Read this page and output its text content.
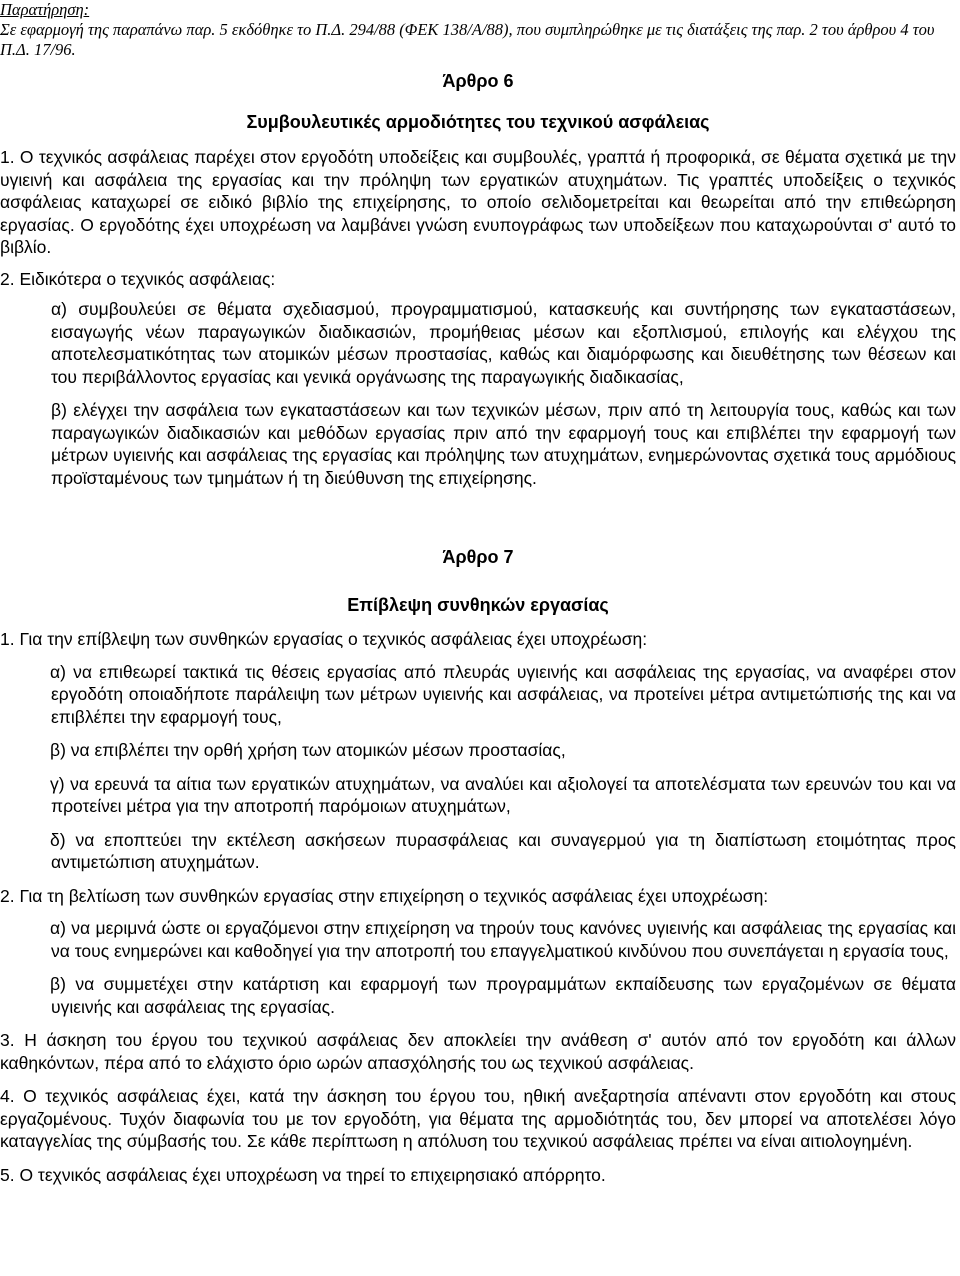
Παρατήρηση:
Σε εφαρμογή της παραπάνω παρ. 5 εκδόθηκε το Π.Δ. 294/88 (ΦΕΚ 138/Α/88), που συμπληρώθηκε με τις διατάξεις της παρ. 2 του άρθρου 4 του Π.Δ. 17/96.

Άρθρο 6

Συμβουλευτικές αρμοδιότητες του τεχνικού ασφάλειας

1. Ο τεχνικός ασφάλειας παρέχει στον εργοδότη υποδείξεις και συμβουλές, γραπτά ή προφορικά, σε θέματα σχετικά με την υγιεινή και ασφάλεια της εργασίας και την πρόληψη των εργατικών ατυχημάτων. Τις γραπτές υποδείξεις ο τεχνικός ασφάλειας καταχωρεί σε ειδικό βιβλίο της επιχείρησης, το οποίο σελιδομετρείται και θεωρείται από την επιθεώρηση εργασίας. Ο εργοδότης έχει υποχρέωση να λαμβάνει γνώση ενυπογράφως των υποδείξεων που καταχωρούνται σ' αυτό το βιβλίο.

2. Ειδικότερα ο τεχνικός ασφάλειας:

α) συμβουλεύει σε θέματα σχεδιασμού, προγραμματισμού, κατασκευής και συντήρησης των εγκαταστάσεων, εισαγωγής νέων παραγωγικών διαδικασιών, προμήθειας μέσων και εξοπλισμού, επιλογής και ελέγχου της αποτελεσματικότητας των ατομικών μέσων προστασίας, καθώς και διαμόρφωσης και διευθέτησης των θέσεων και του περιβάλλοντος εργασίας και γενικά οργάνωσης της παραγωγικής διαδικασίας,

β) ελέγχει την ασφάλεια των εγκαταστάσεων και των τεχνικών μέσων, πριν από τη λειτουργία τους, καθώς και των παραγωγικών διαδικασιών και μεθόδων εργασίας πριν από την εφαρμογή τους και επιβλέπει την εφαρμογή των μέτρων υγιεινής και ασφάλειας της εργασίας και πρόληψης των ατυχημάτων, ενημερώνοντας σχετικά τους αρμόδιους προϊσταμένους των τμημάτων ή τη διεύθυνση της επιχείρησης.

Άρθρο 7

Επίβλεψη συνθηκών εργασίας

1. Για την επίβλεψη των συνθηκών εργασίας ο τεχνικός ασφάλειας έχει υποχρέωση:

α) να επιθεωρεί τακτικά τις θέσεις εργασίας από πλευράς υγιεινής και ασφάλειας της εργασίας, να αναφέρει στον εργοδότη οποιαδήποτε παράλειψη των μέτρων υγιεινής και ασφάλειας, να προτείνει μέτρα αντιμετώπισής της και να επιβλέπει την εφαρμογή τους,

β) να επιβλέπει την ορθή χρήση των ατομικών μέσων προστασίας,

γ) να ερευνά τα αίτια των εργατικών ατυχημάτων, να αναλύει και αξιολογεί τα αποτελέσματα των ερευνών του και να προτείνει μέτρα για την αποτροπή παρόμοιων ατυχημάτων,

δ) να εποπτεύει την εκτέλεση ασκήσεων πυρασφάλειας και συναγερμού για τη διαπίστωση ετοιμότητας προς αντιμετώπιση ατυχημάτων.

2. Για τη βελτίωση των συνθηκών εργασίας στην επιχείρηση ο τεχνικός ασφάλειας έχει υποχρέωση:

α) να μεριμνά ώστε οι εργαζόμενοι στην επιχείρηση να τηρούν τους κανόνες υγιεινής και ασφάλειας της εργασίας και να τους ενημερώνει και καθοδηγεί για την αποτροπή του επαγγελματικού κινδύνου που συνεπάγεται η εργασία τους,

β) να συμμετέχει στην κατάρτιση και εφαρμογή των προγραμμάτων εκπαίδευσης των εργαζομένων σε θέματα υγιεινής και ασφάλειας της εργασίας.

3. Η άσκηση του έργου του τεχνικού ασφάλειας δεν αποκλείει την ανάθεση σ' αυτόν από τον εργοδότη και άλλων καθηκόντων, πέρα από το ελάχιστο όριο ωρών απασχόλησής του ως τεχνικού ασφάλειας.

4. Ο τεχνικός ασφάλειας έχει, κατά την άσκηση του έργου του, ηθική ανεξαρτησία απέναντι στον εργοδότη και στους εργαζομένους. Τυχόν διαφωνία του με τον εργοδότη, για θέματα της αρμοδιότητάς του, δεν μπορεί να αποτελέσει λόγο καταγγελίας της σύμβασής του. Σε κάθε περίπτωση η απόλυση του τεχνικού ασφάλειας πρέπει να είναι αιτιολογημένη.

5. Ο τεχνικός ασφάλειας έχει υποχρέωση να τηρεί το επιχειρησιακό απόρρητο.
